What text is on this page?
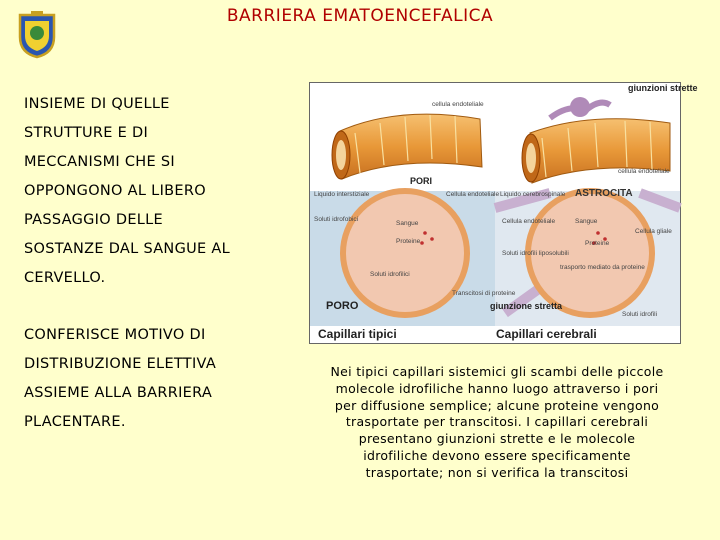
BARRIERA EMATOENCEFALICA
INSIEME DI QUELLE
STRUTTURE E DI
MECCANISMI CHE SI
OPPONGONO AL LIBERO
PASSAGGIO DELLE
SOSTANZE DAL SANGUE AL
CERVELLO.
CONFERISCE MOTIVO DI
DISTRIBUZIONE ELETTIVA
ASSIEME ALLA BARRIERA
PLACENTARE.
cellula endoteliale
giunzioni strette
cellula endoteliale
PORI
ASTROCITA
Liquido interstiziale	Cellula endoteliale
Soluti idrofobici
Sangue
Proteine
Soluti idrofilici
Transcitosi di proteine
PORO
Liquido cerebrospinale
Cellula endoteliale	Sangue
Proteine
Cellula gliale
Soluti idrofili liposolubili
trasporto mediato da proteine
giunzione stretta
Soluti idrofili
Capillari tipici	Capillari cerebrali
Nei tipici capillari sistemici gli scambi delle piccole
molecole idrofiliche hanno luogo attraverso i pori
per diffusione semplice; alcune proteine vengono
trasportate per transcitosi. I capillari cerebrali
presentano giunzioni strette e le molecole
idrofiliche devono essere specificamente
trasportate; non si verifica la transcitosi
